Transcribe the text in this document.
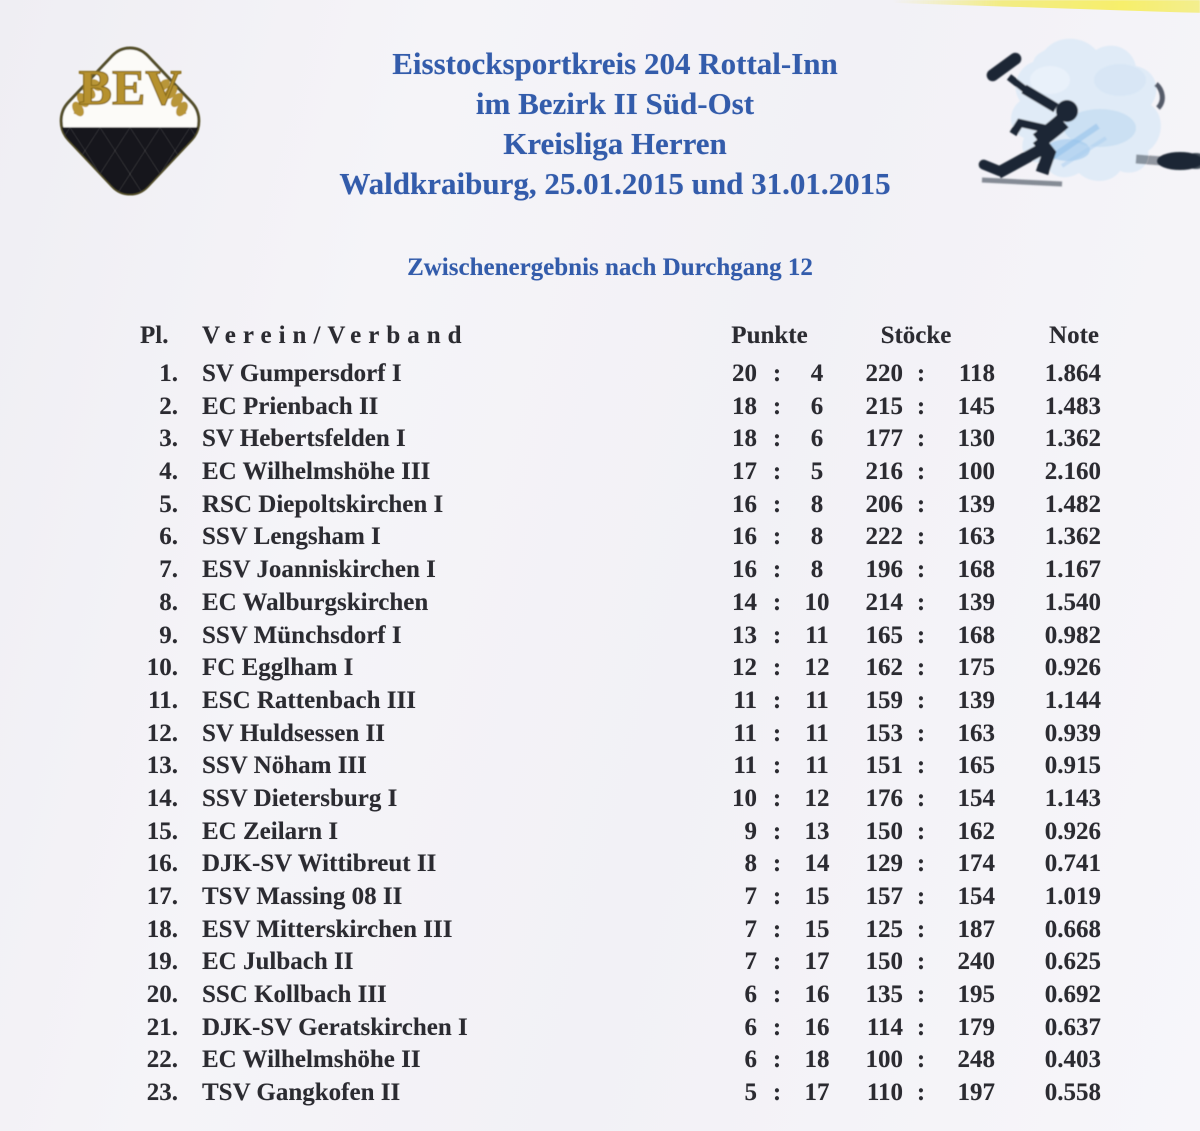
BEV	Eisstocksportkreis 204 Rottal-Inn
im Bezirk II Süd-Ost
Kreisliga Herren
Waldkraiburg, 25.01.2015 und 31.01.2015
Zwischenergebnis nach Durchgang 12
Pl.	Verein/Verband	Punkte	Stöcke	Note
1. SV Gumpersdorf I	20 :	4	220 :	118	1.864
2. EC Prienbach II	18 :	6	215 :	145	1.483
3. SV Hebertsfelden I	18 :	6	177 :	130	1.362
4. EC Wilhelmshöhe III	17 :	5	216 :	100	2.160
5. RSC Diepoltskirchen I	16 :	8	206 :	139	1.482
6. SSV Lengsham I	16 :	8	222 :	163	1.362
7. ESV Joanniskirchen I	16 :	8	196 :	168	1.167
8. EC Walburgskirchen	14 : 10	214 :	139	1.540
9. SSV Münchsdorf I	13 : 11	165 :	168	0.982
10. FC Egglham I	12 : 12	162 :	175	0.926
11. ESC Rattenbach III	11 : 11	159 :	139	1.144
12. SV Huldsessen II	11 : 11	153 :	163	0.939
13. SSV Nöham III	11 : 11	151 :	165	0.915
14. SSV Dietersburg I	10 : 12	176 :	154	1.143
15. EC Zeilarn I	9 : 13	150 :	162	0.926
16. DJK-SV Wittibreut II	8 : 14	129 :	174	0.741
17. TSV Massing 08 II	7 : 15	157 :	154	1.019
18. ESV Mitterskirchen III	7 : 15	125 :	187	0.668
19. EC Julbach II	7 : 17	150 :	240	0.625
20. SSC Kollbach III	6 : 16	135 :	195	0.692
21. DJK-SV Geratskirchen I	6 : 16	114 :	179	0.637
22. EC Wilhelmshöhe II	6 : 18	100 :	248	0.403
23. TSV Gangkofen II	5 : 17	110 :	197	0.558
